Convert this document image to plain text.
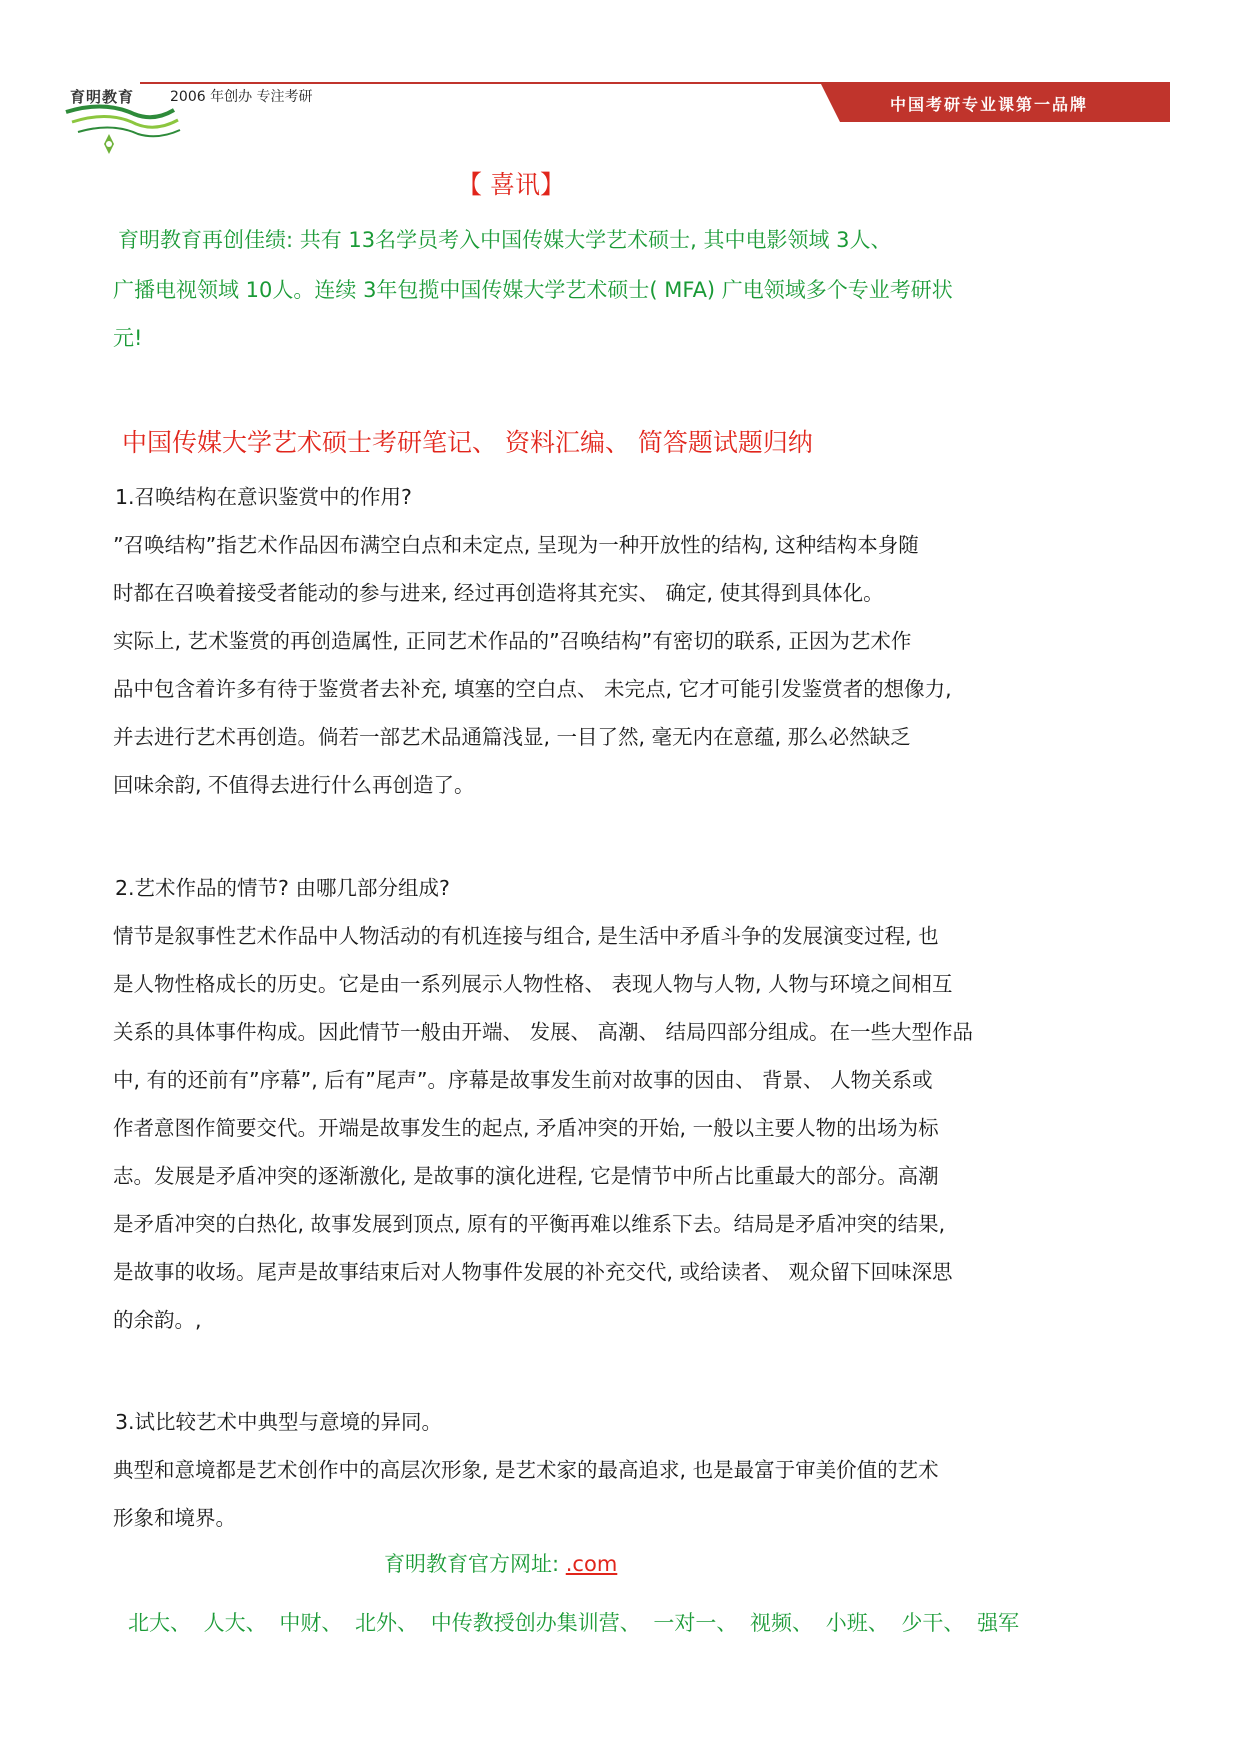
育明教育	2006 年创办 专注考研	中国考研专业课第一品牌
【 喜讯】
育明教育再创佳绩: 共有 13名学员考入中国传媒大学艺术硕士, 其中电影领域 3人、
广播电视领域 10人。连续 3年包揽中国传媒大学艺术硕士( MFA) 广电领域多个专业考研状
元!
中国传媒大学艺术硕士考研笔记、 资料汇编、 简答题试题归纳
1.召唤结构在意识鉴赏中的作用?
”召唤结构”指艺术作品因布满空白点和未定点, 呈现为一种开放性的结构, 这种结构本身随
时都在召唤着接受者能动的参与进来, 经过再创造将其充实、 确定, 使其得到具体化。
实际上, 艺术鉴赏的再创造属性, 正同艺术作品的”召唤结构”有密切的联系, 正因为艺术作
品中包含着许多有待于鉴赏者去补充, 填塞的空白点、 未完点, 它才可能引发鉴赏者的想像力,
并去进行艺术再创造。倘若一部艺术品通篇浅显, 一目了然, 毫无内在意蕴, 那么必然缺乏
回味余韵, 不值得去进行什么再创造了。
2.艺术作品的情节? 由哪几部分组成?
情节是叙事性艺术作品中人物活动的有机连接与组合, 是生活中矛盾斗争的发展演变过程, 也
是人物性格成长的历史。它是由一系列展示人物性格、 表现人物与人物, 人物与环境之间相互
关系的具体事件构成。因此情节一般由开端、 发展、 高潮、 结局四部分组成。在一些大型作品
中, 有的还前有”序幕”, 后有”尾声”。序幕是故事发生前对故事的因由、 背景、 人物关系或
作者意图作简要交代。开端是故事发生的起点, 矛盾冲突的开始, 一般以主要人物的出场为标
志。发展是矛盾冲突的逐渐激化, 是故事的演化进程, 它是情节中所占比重最大的部分。高潮
是矛盾冲突的白热化, 故事发展到顶点, 原有的平衡再难以维系下去。结局是矛盾冲突的结果,
是故事的收场。尾声是故事结束后对人物事件发展的补充交代, 或给读者、 观众留下回味深思
的余韵。,
3.试比较艺术中典型与意境的异同。
典型和意境都是艺术创作中的高层次形象, 是艺术家的最高追求, 也是最富于审美价值的艺术
形象和境界。
育明教育官方网址: .com
北大、 人大、 中财、 北外、 中传教授创办集训营、 一对一、 视频、 小班、 少干、 强军
